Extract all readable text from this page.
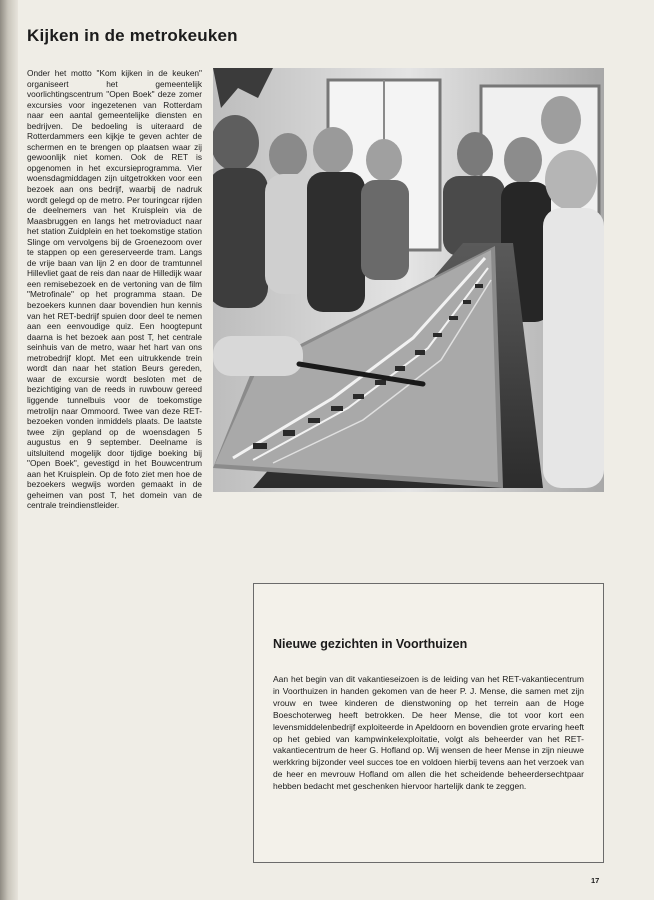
Kijken in de metrokeuken
Onder het motto "Kom kijken in de keuken" organiseert het gemeentelijk voorlichtingscentrum "Open Boek" deze zomer excursies voor ingezetenen van Rotterdam naar een aantal gemeentelijke diensten en bedrijven. De bedoeling is uiteraard de Rotterdammers een kijkje te geven achter de schermen en te brengen op plaatsen waar zij gewoonlijk niet komen. Ook de RET is opgenomen in het excursieprogramma. Vier woensdagmiddagen zijn uitgetrokken voor een bezoek aan ons bedrijf, waarbij de nadruk wordt gelegd op de metro. Per touringcar rijden de deelnemers van het Kruisplein via de Maasbruggen en langs het metroviaduct naar het station Zuidplein en het toekomstige station Slinge om vervolgens bij de Groenezoom over te stappen op een gereserveerde tram. Langs de vrije baan van lijn 2 en door de tramtunnel Hillevliet gaat de reis dan naar de Hilledijk waar een remisebezoek en de vertoning van de film "Metrofinale" op het programma staan. De bezoekers kunnen daar bovendien hun kennis van het RET-bedrijf spuien door deel te nemen aan een eenvoudige quiz. Een hoogtepunt daarna is het bezoek aan post T, het centrale seinhuis van de metro, waar het hart van ons metrobedrijf klopt. Met een uitrukkende trein wordt dan naar het station Beurs gereden, waar de excursie wordt besloten met de bezichtiging van de reeds in ruwbouw gereed liggende tunnelbuis voor de toekomstige metrolijn naar Ommoord. Twee van deze RET-bezoeken vonden inmiddels plaats. De laatste twee zijn gepland op de woensdagen 5 augustus en 9 september. Deelname is uitsluitend mogelijk door tijdige boeking bij "Open Boek", gevestigd in het Bouwcentrum aan het Kruisplein. Op de foto ziet men hoe de bezoekers wegwijs worden gemaakt in de geheimen van post T, het domein van de centrale treindienstleider.
Nieuwe gezichten in Voorthuizen
Aan het begin van dit vakantieseizoen is de leiding van het RET-vakantiecentrum in Voorthuizen in handen gekomen van de heer P. J. Mense, die samen met zijn vrouw en twee kinderen de dienstwoning op het terrein aan de Hoge Boeschoterweg heeft betrokken. De heer Mense, die tot voor kort een levensmiddelenbedrijf exploiteerde in Apeldoorn en bovendien grote ervaring heeft op het gebied van kampwinkelexploitatie, volgt als beheerder van het RET-vakantiecentrum de heer G. Hofland op. Wij wensen de heer Mense in zijn nieuwe werkkring bijzonder veel succes toe en voldoen hierbij tevens aan het verzoek van de heer en mevrouw Hofland om allen die het scheidende beheerdersechtpaar hebben bedacht met geschenken hiervoor hartelijk dank te zeggen.
17
